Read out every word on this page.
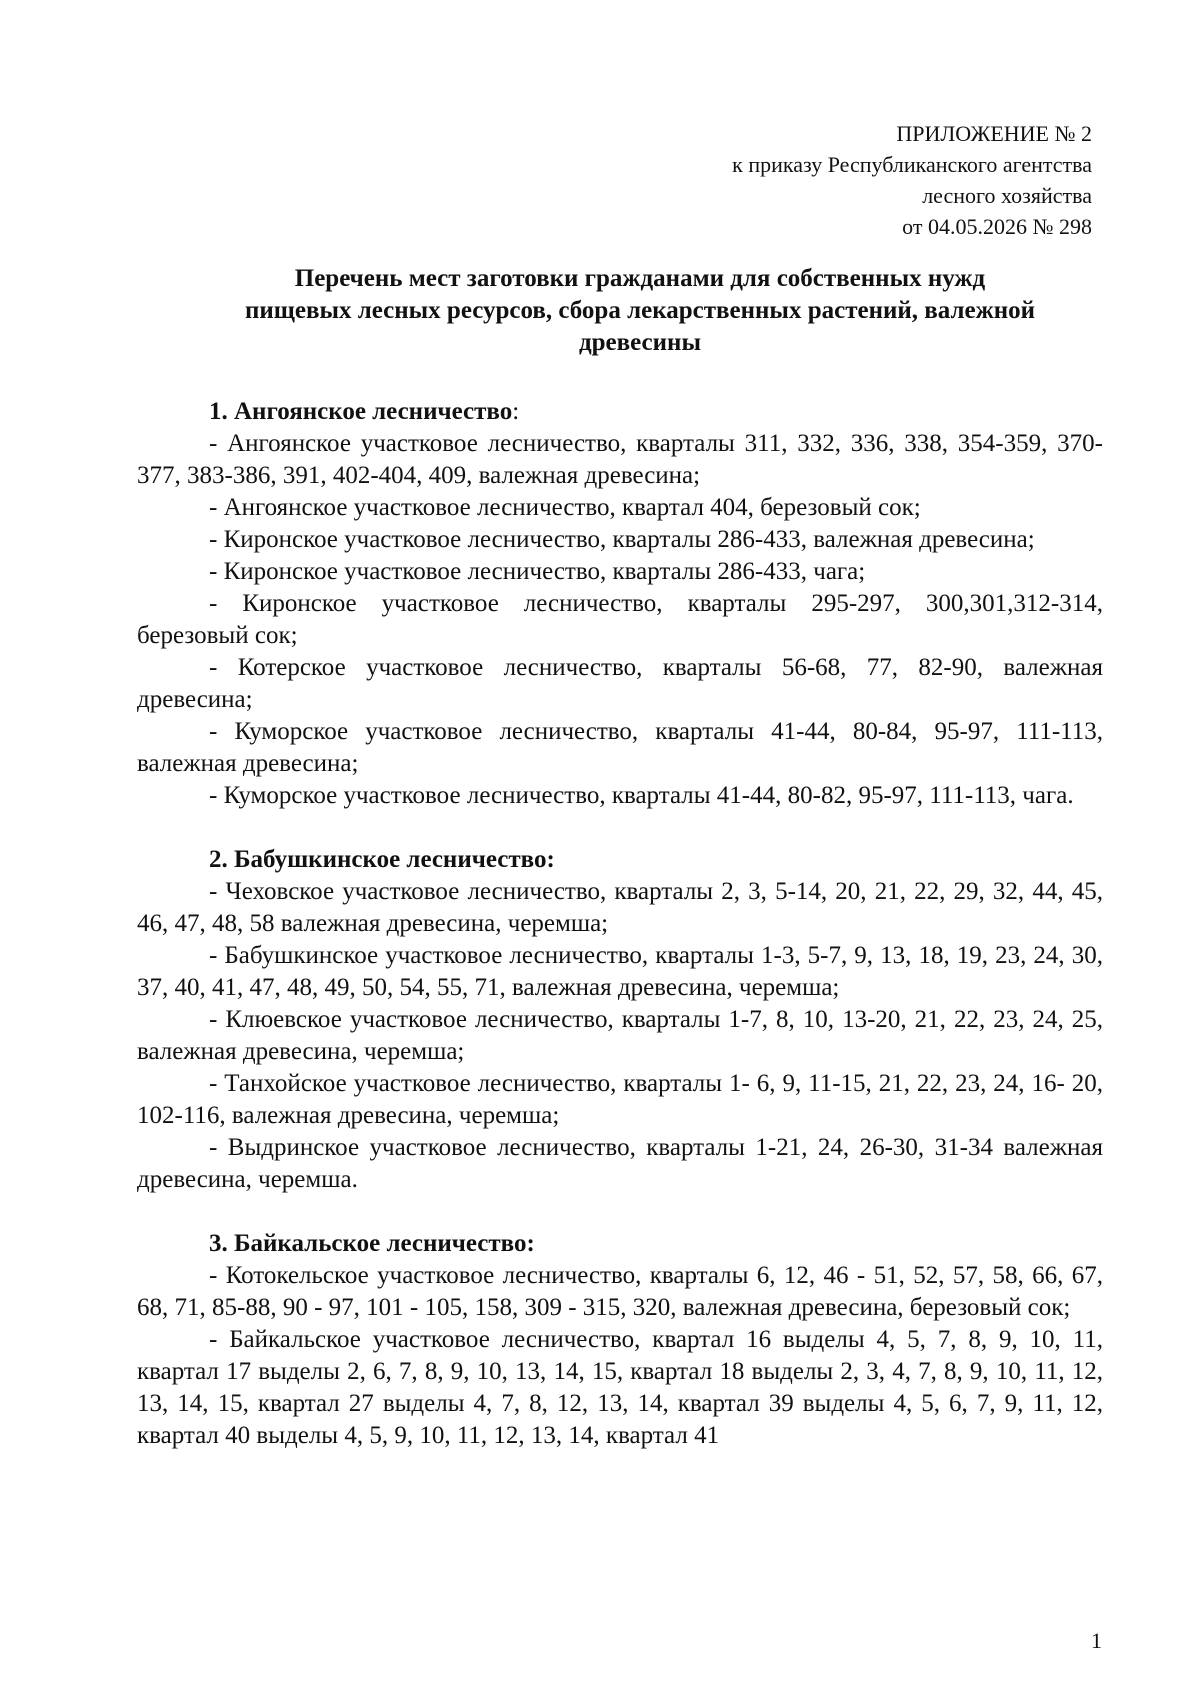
ПРИЛОЖЕНИЕ № 2
к приказу Республиканского агентства
лесного хозяйства
от 04.05.2026 № 298
Перечень мест заготовки гражданами для собственных нужд
пищевых лесных ресурсов, сбора лекарственных растений, валежной
древесины

1. Ангоянское лесничество:

- Ангоянское участковое лесничество, кварталы 311, 332, 336, 338, 354-359, 370-377, 383-386, 391, 402-404, 409, валежная древесина;

- Ангоянское участковое лесничество, квартал 404, березовый сок;

- Киронское участковое лесничество, кварталы 286-433, валежная древесина;

- Киронское участковое лесничество, кварталы 286-433, чага;

- Киронское участковое лесничество, кварталы 295-297, 300,301,312-314, березовый сок;

- Котерское участковое лесничество, кварталы 56-68, 77, 82-90, валежная древесина;

- Куморское участковое лесничество, кварталы 41-44, 80-84, 95-97, 111-113, валежная древесина;

- Куморское участковое лесничество, кварталы 41-44, 80-82, 95-97, 111-113, чага.

2. Бабушкинское лесничество:

- Чеховское участковое лесничество, кварталы 2, 3, 5-14, 20, 21, 22, 29, 32, 44, 45, 46, 47, 48, 58 валежная древесина, черемша;

- Бабушкинское участковое лесничество, кварталы 1-3, 5-7, 9, 13, 18, 19, 23, 24, 30, 37, 40, 41, 47, 48, 49, 50, 54, 55, 71, валежная древесина, черемша;

- Клюевское участковое лесничество, кварталы 1-7, 8, 10, 13-20, 21, 22, 23, 24, 25, валежная древесина, черемша;

- Танхойское участковое лесничество, кварталы 1- 6, 9, 11-15, 21, 22, 23, 24, 16- 20, 102-116, валежная древесина, черемша;

- Выдринское участковое лесничество, кварталы 1-21, 24, 26-30, 31-34 валежная древесина, черемша.

3. Байкальское лесничество:

- Котокельское участковое лесничество, кварталы 6, 12, 46 - 51, 52, 57, 58, 66, 67, 68, 71, 85-88, 90 - 97, 101 - 105, 158, 309 - 315, 320, валежная древесина, березовый сок;

- Байкальское участковое лесничество, квартал 16 выделы 4, 5, 7, 8, 9, 10, 11, квартал 17 выделы 2, 6, 7, 8, 9, 10, 13, 14, 15, квартал 18 выделы 2, 3, 4, 7, 8, 9, 10, 11, 12, 13, 14, 15, квартал 27 выделы 4, 7, 8, 12, 13, 14, квартал 39 выделы 4, 5, 6, 7, 9, 11, 12, квартал 40 выделы 4, 5, 9, 10, 11, 12, 13, 14, квартал 41

1
